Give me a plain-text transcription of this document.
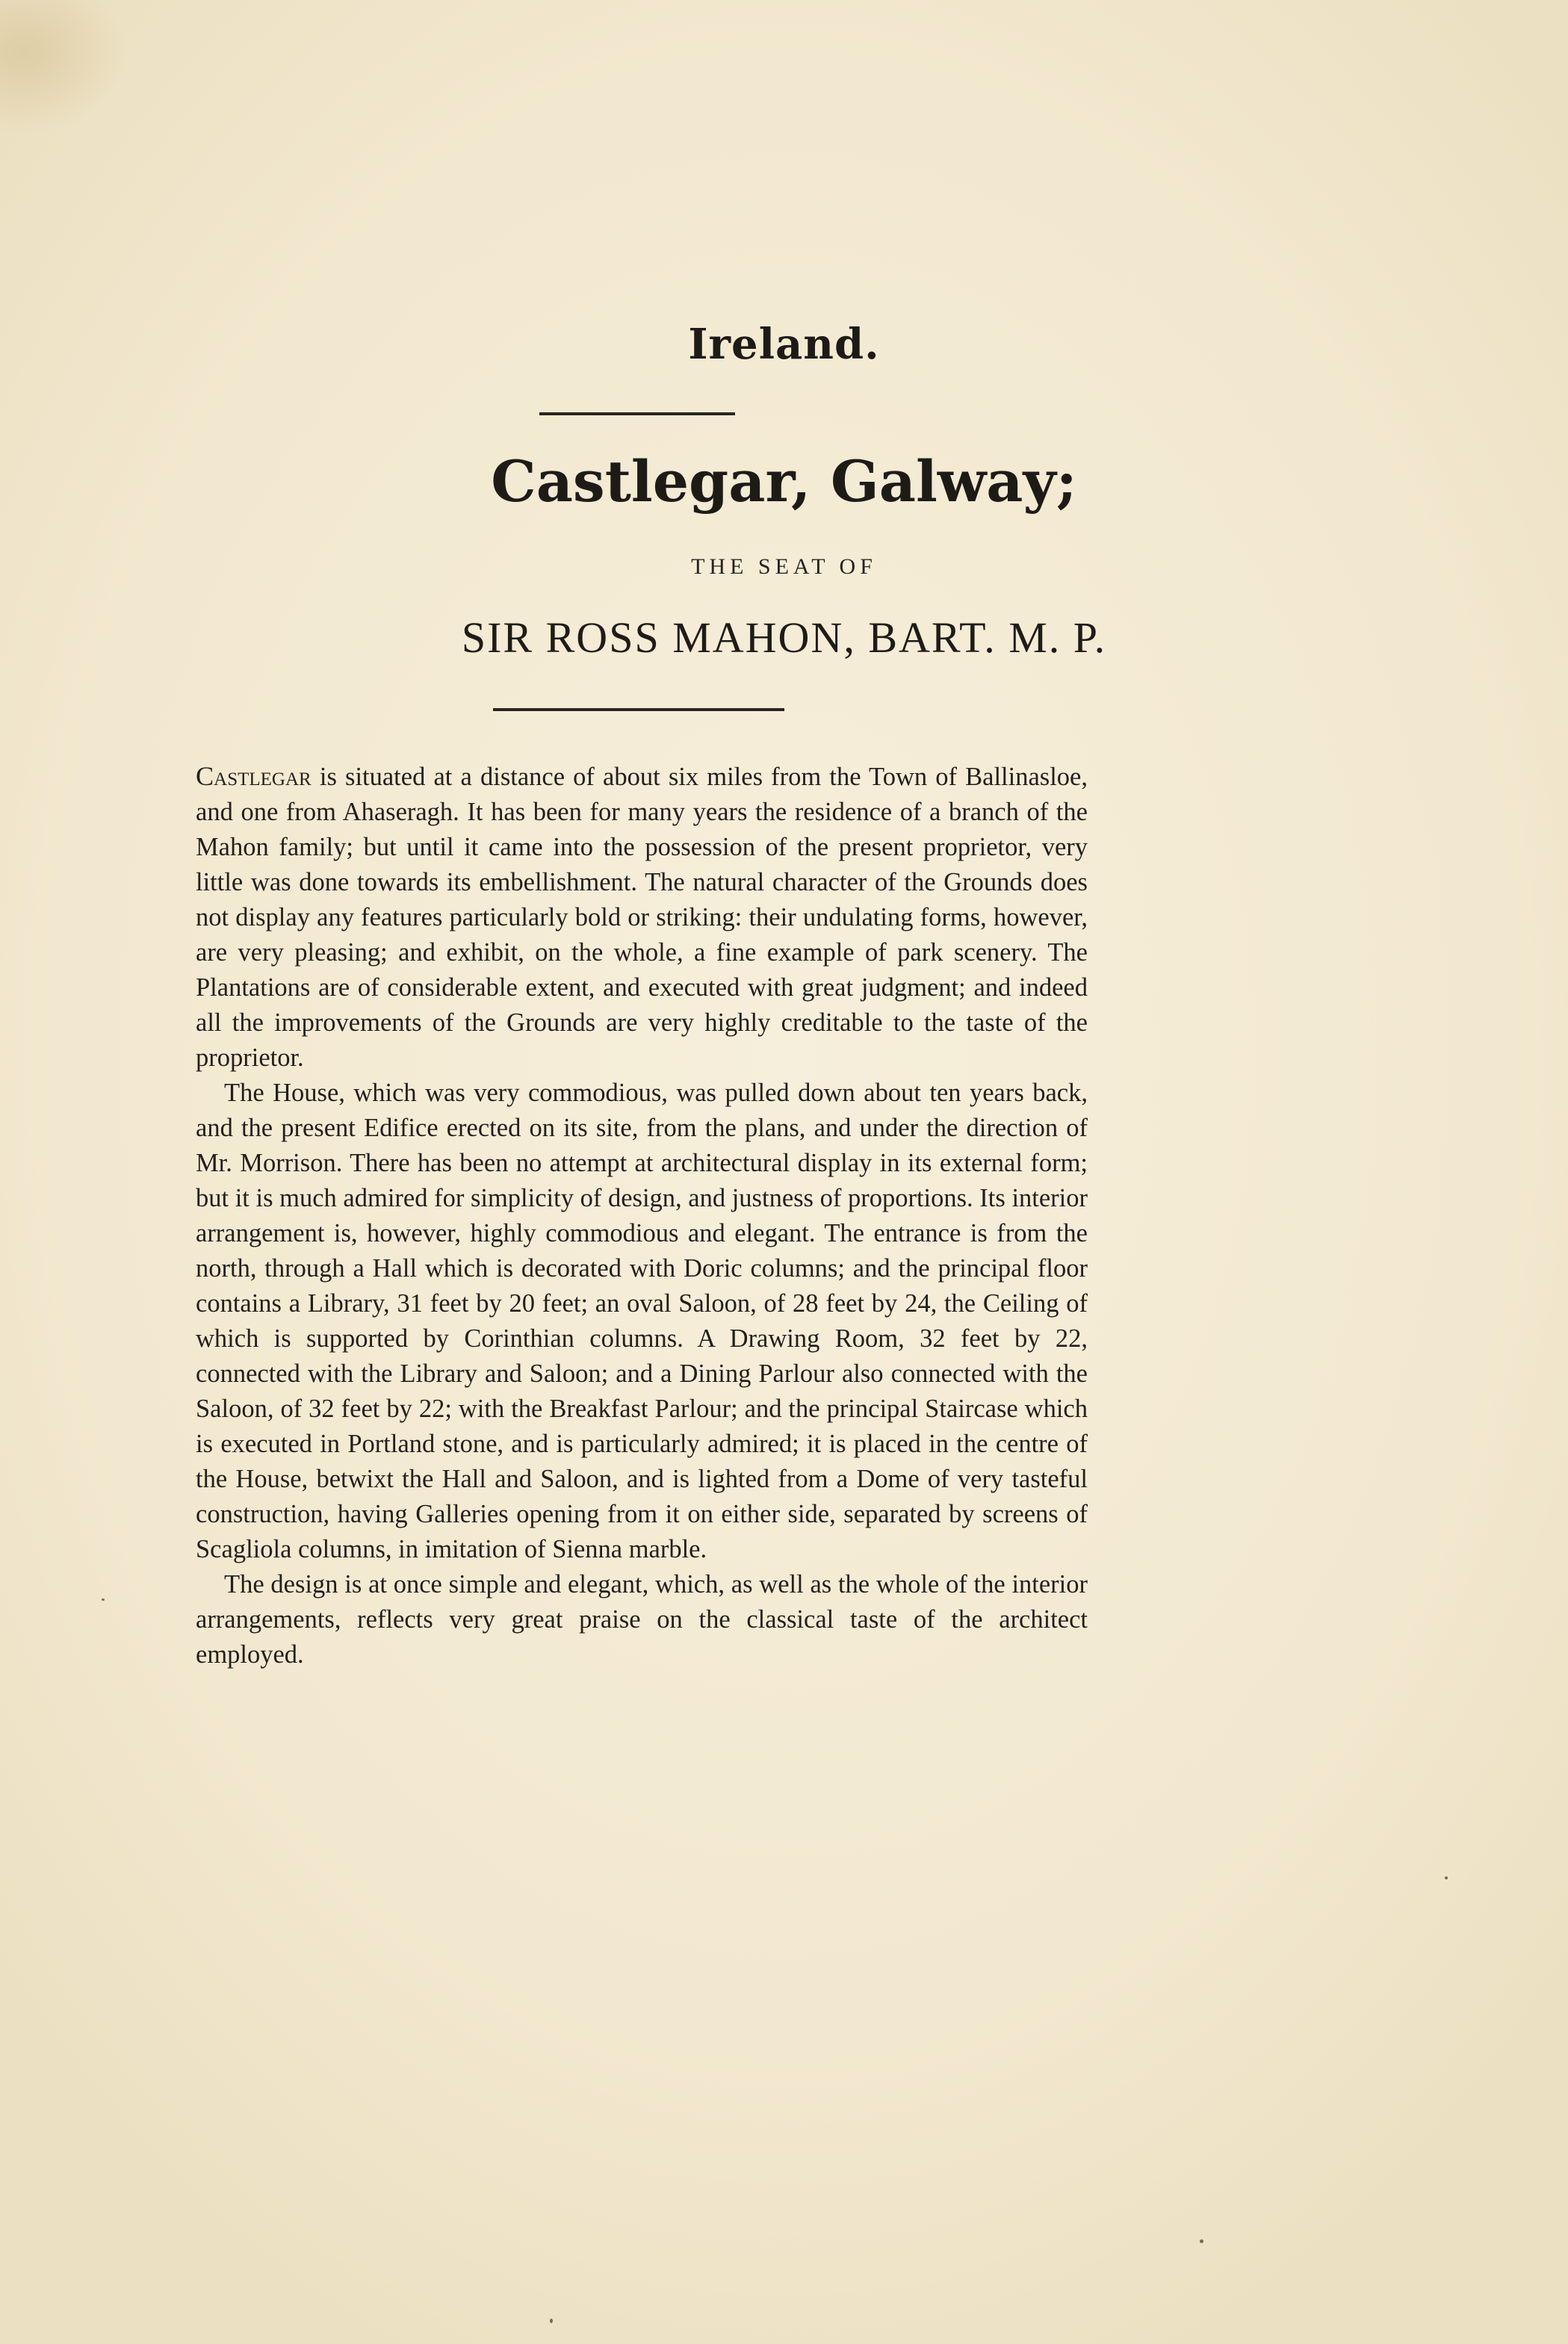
Ireland.
Castlegar, Galway;
THE SEAT OF
SIR ROSS MAHON, BART. M. P.

Castlegar is situated at a distance of about six miles from the Town of Ballinasloe, and one from Ahaseragh. It has been for many years the residence of a branch of the Mahon family; but until it came into the possession of the present proprietor, very little was done towards its embellishment. The natural character of the Grounds does not display any features particularly bold or striking: their undulating forms, however, are very pleasing; and exhibit, on the whole, a fine example of park scenery. The Plantations are of considerable extent, and executed with great judgment; and indeed all the improvements of the Grounds are very highly creditable to the taste of the proprietor.

The House, which was very commodious, was pulled down about ten years back, and the present Edifice erected on its site, from the plans, and under the direction of Mr. Morrison. There has been no attempt at architectural display in its external form; but it is much admired for simplicity of design, and justness of proportions. Its interior arrangement is, however, highly commodious and elegant. The entrance is from the north, through a Hall which is decorated with Doric columns; and the principal floor contains a Library, 31 feet by 20 feet; an oval Saloon, of 28 feet by 24, the Ceiling of which is supported by Corinthian columns. A Drawing Room, 32 feet by 22, connected with the Library and Saloon; and a Dining Parlour also connected with the Saloon, of 32 feet by 22; with the Breakfast Parlour; and the principal Staircase which is executed in Portland stone, and is particularly admired; it is placed in the centre of the House, betwixt the Hall and Saloon, and is lighted from a Dome of very tasteful construction, having Galleries opening from it on either side, separated by screens of Scagliola columns, in imitation of Sienna marble.

The design is at once simple and elegant, which, as well as the whole of the interior arrangements, reflects very great praise on the classical taste of the architect employed.
